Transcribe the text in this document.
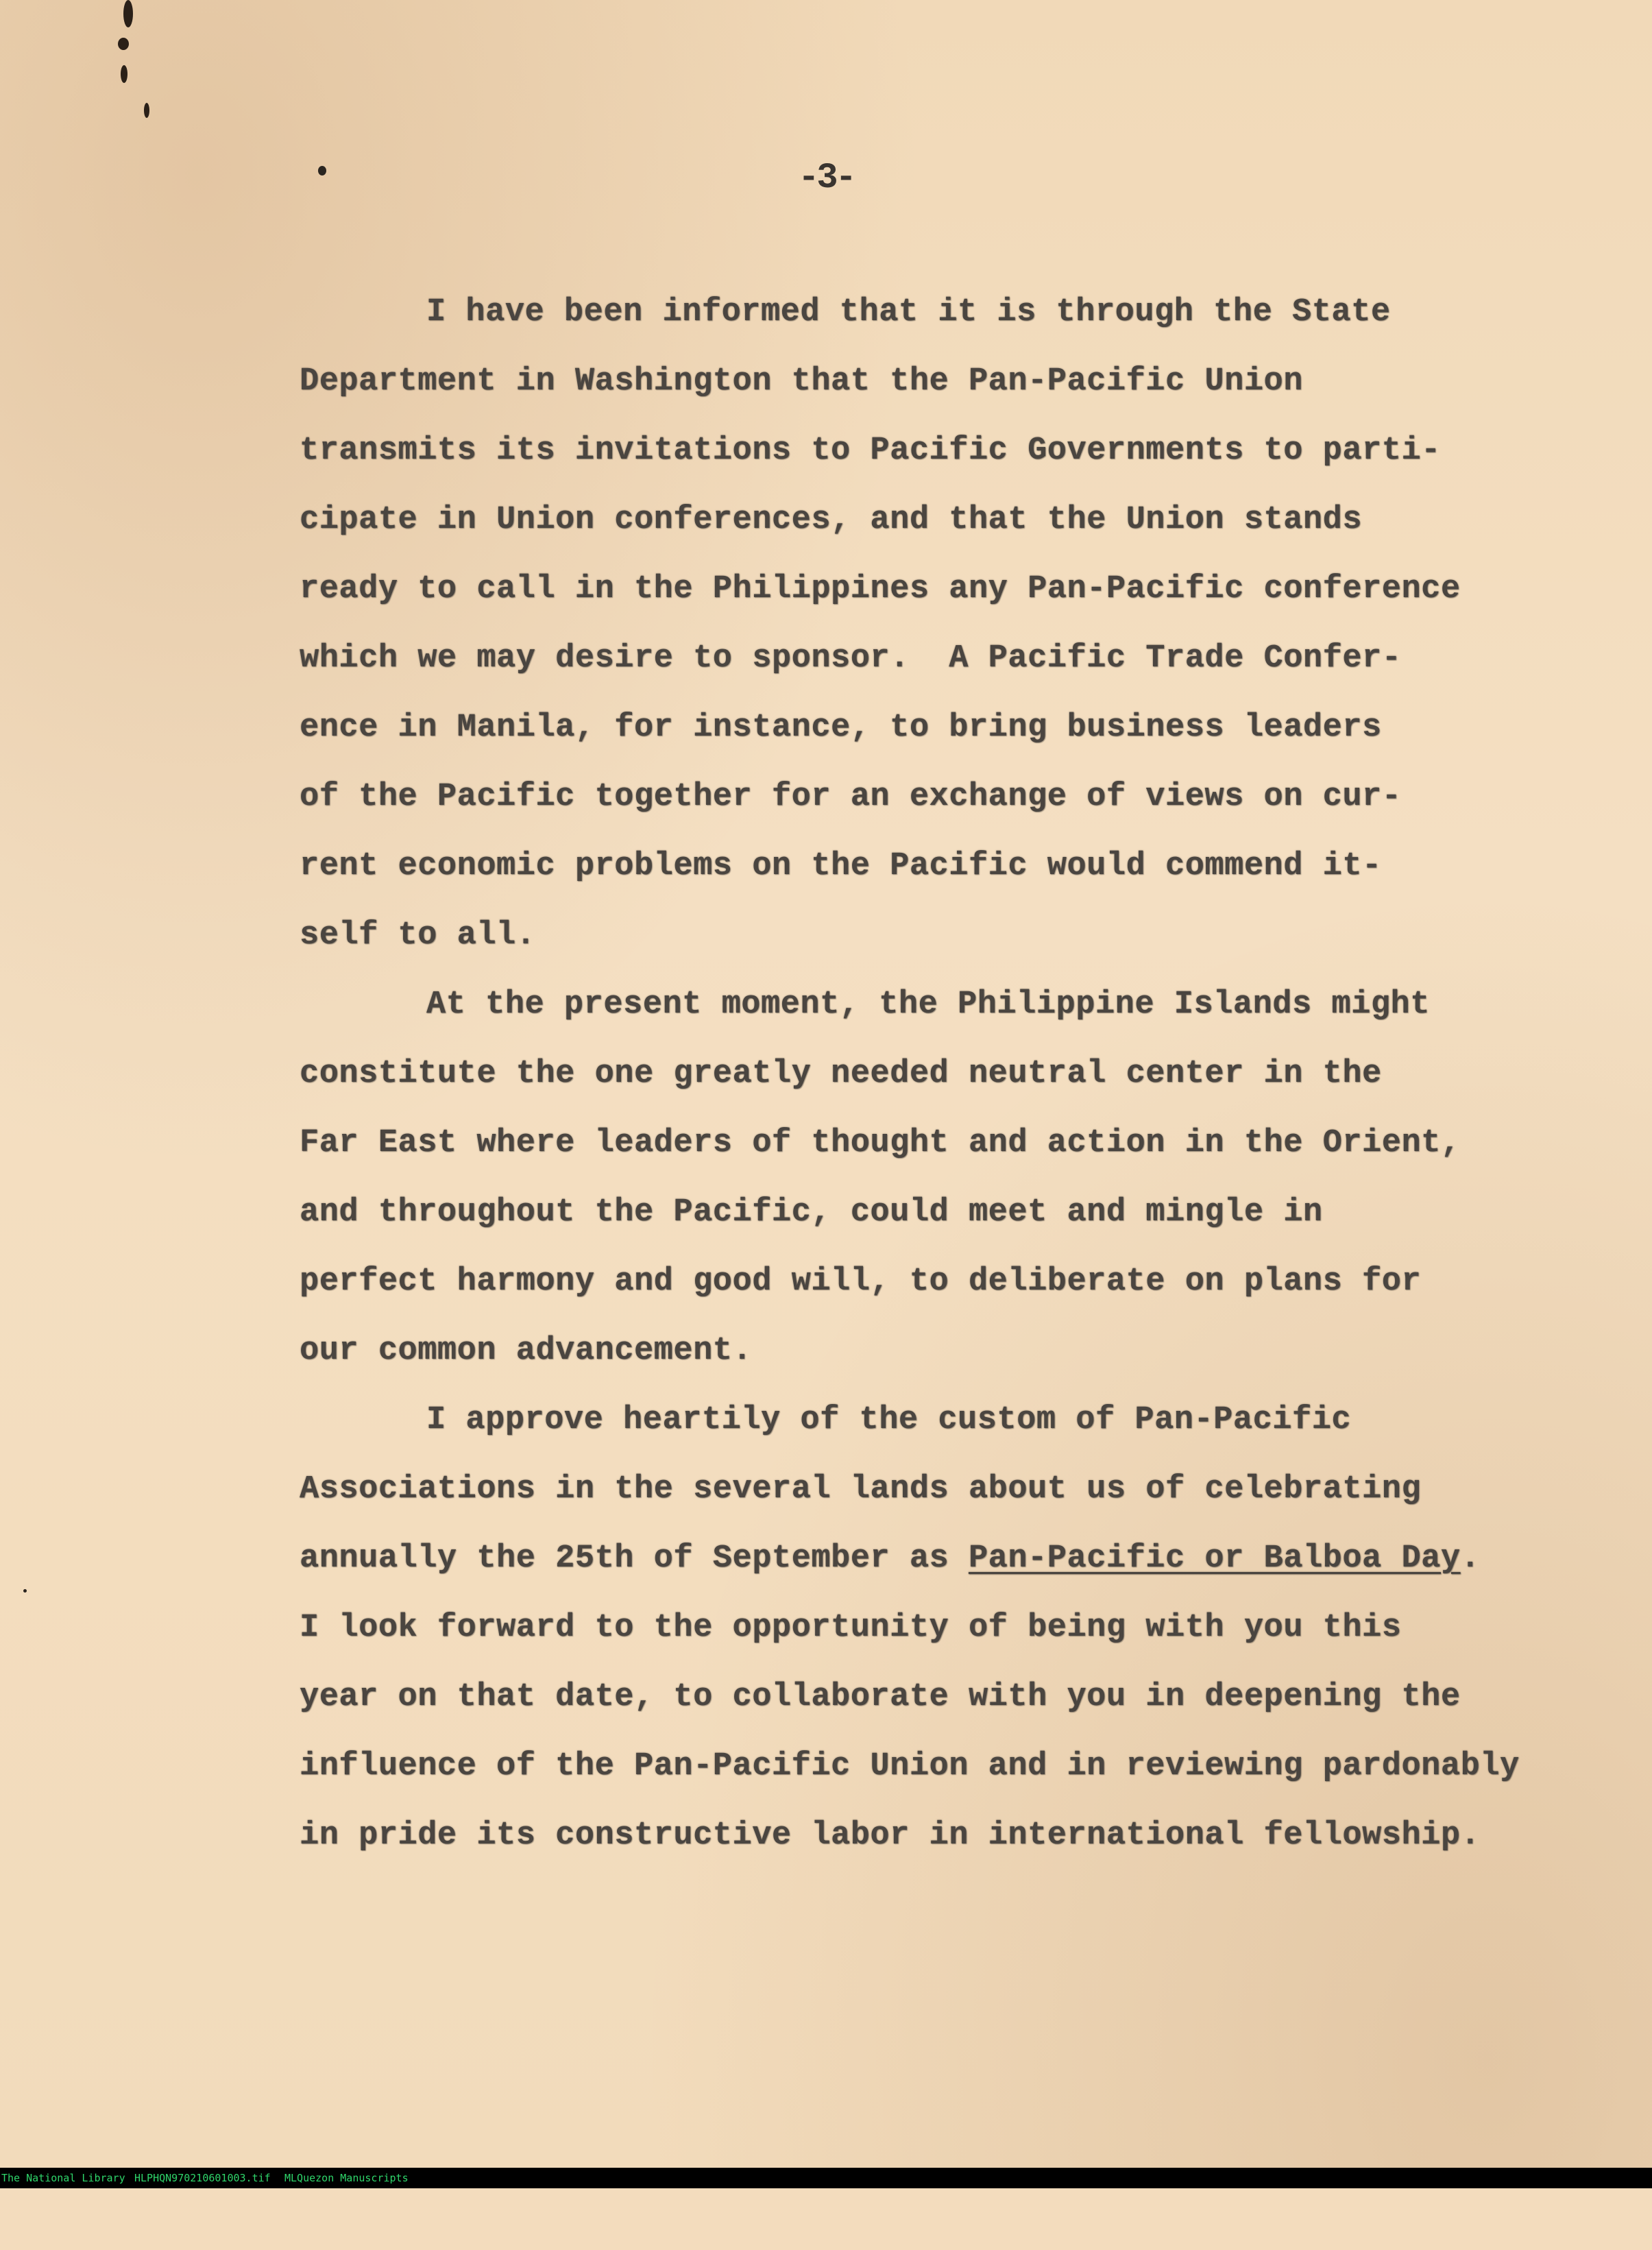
-3-
I have been informed that it is through the State
Department in Washington that the Pan-Pacific Union
transmits its invitations to Pacific Governments to parti-
cipate in Union conferences, and that the Union stands
ready to call in the Philippines any Pan-Pacific conference
which we may desire to sponsor.  A Pacific Trade Confer-
ence in Manila, for instance, to bring business leaders
of the Pacific together for an exchange of views on cur-
rent economic problems on the Pacific would commend it-
self to all.
At the present moment, the Philippine Islands might
constitute the one greatly needed neutral center in the
Far East where leaders of thought and action in the Orient,
and throughout the Pacific, could meet and mingle in
perfect harmony and good will, to deliberate on plans for
our common advancement.
I approve heartily of the custom of Pan-Pacific
Associations in the several lands about us of celebrating
annually the 25th of September as Pan-Pacific or Balboa Day.
I look forward to the opportunity of being with you this
year on that date, to collaborate with you in deepening the
influence of the Pan-Pacific Union and in reviewing pardonably
in pride its constructive labor in international fellowship.

The National Library

HLPHQN970210601003.tif

MLQuezon Manuscripts
